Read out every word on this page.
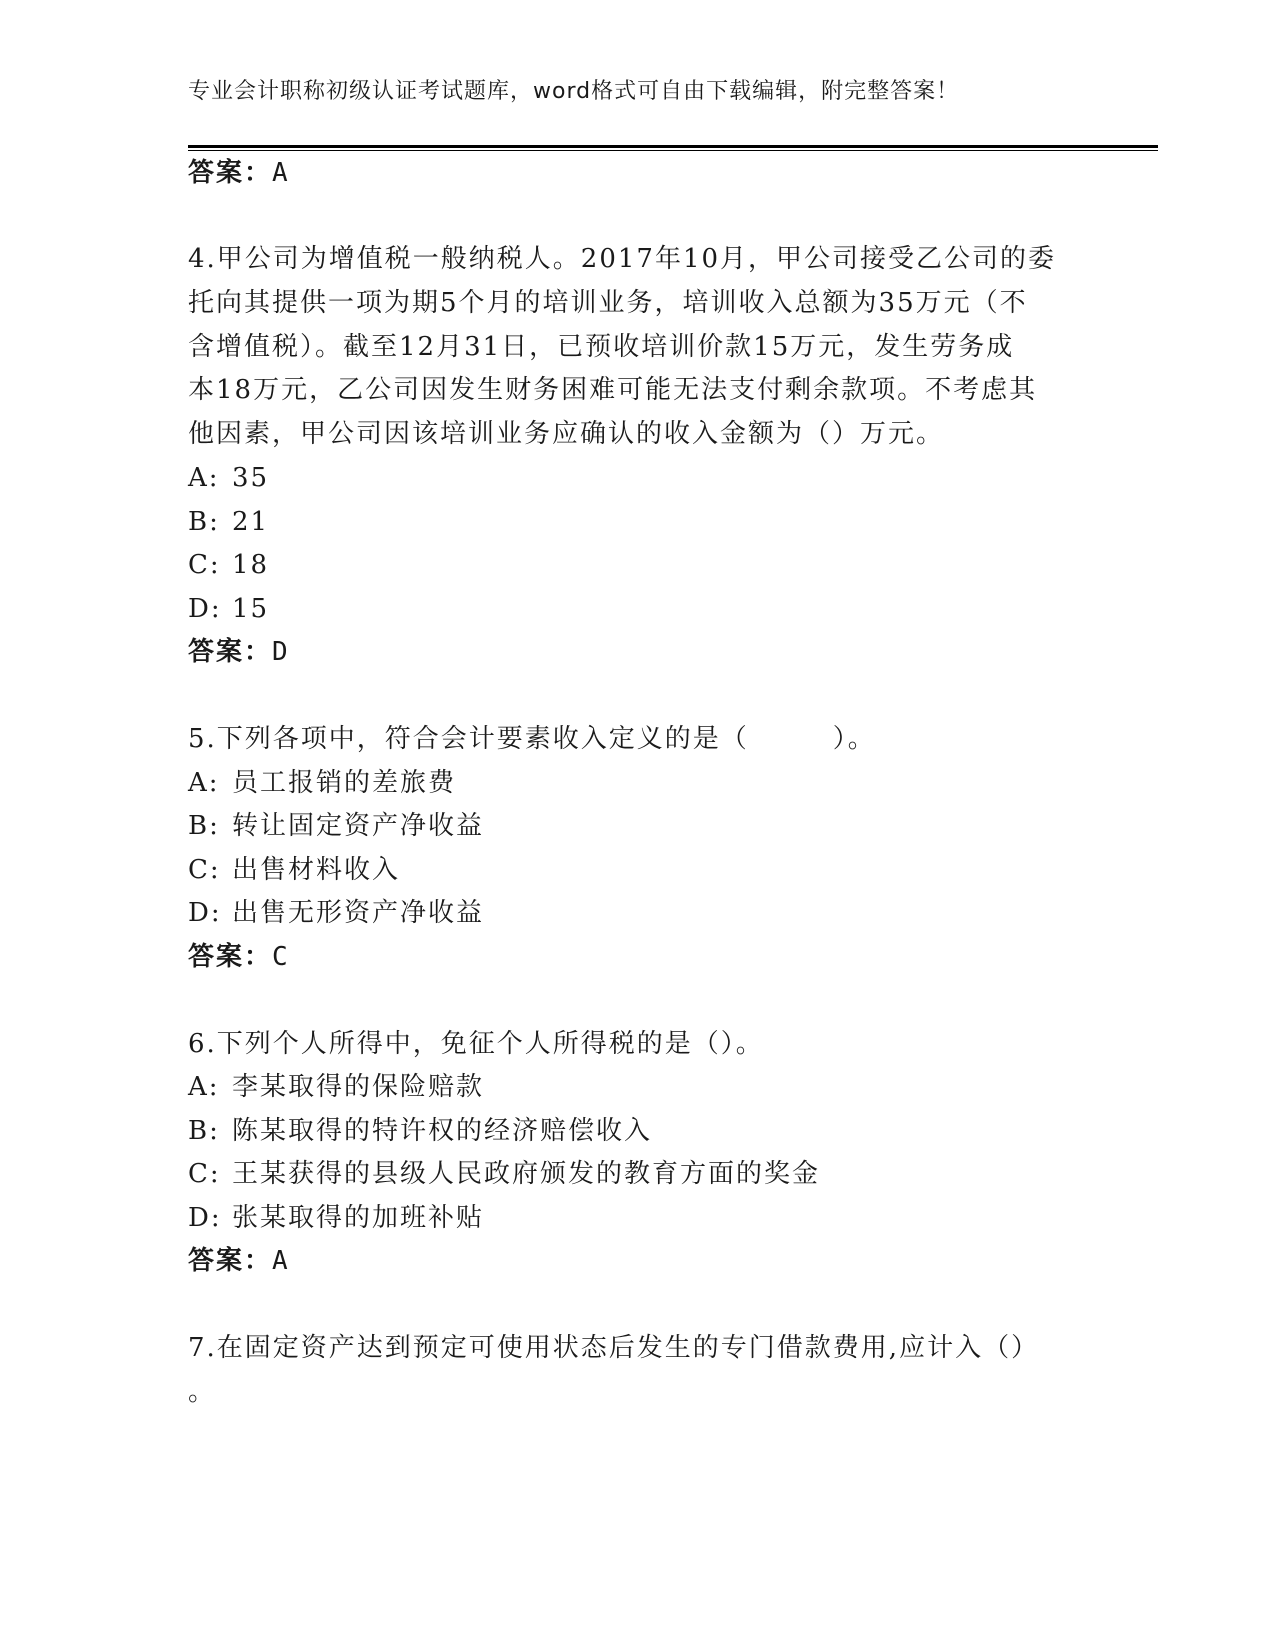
专业会计职称初级认证考试题库，word格式可自由下载编辑，附完整答案！
答案：A
4.甲公司为增值税一般纳税人。2017年10月，甲公司接受乙公司的委
托向其提供一项为期5个月的培训业务，培训收入总额为35万元（不
含增值税）。截至12月31日，已预收培训价款15万元，发生劳务成
本18万元，乙公司因发生财务困难可能无法支付剩余款项。不考虑其
他因素，甲公司因该培训业务应确认的收入金额为（）万元。
A: 35
B: 21
C: 18
D: 15
答案：D
5.下列各项中，符合会计要素收入定义的是（　　　）。
A: 员工报销的差旅费
B: 转让固定资产净收益
C: 出售材料收入
D: 出售无形资产净收益
答案：C
6.下列个人所得中，免征个人所得税的是（）。
A: 李某取得的保险赔款
B: 陈某取得的特许权的经济赔偿收入
C: 王某获得的县级人民政府颁发的教育方面的奖金
D: 张某取得的加班补贴
答案：A
7.在固定资产达到预定可使用状态后发生的专门借款费用,应计入（）
。
